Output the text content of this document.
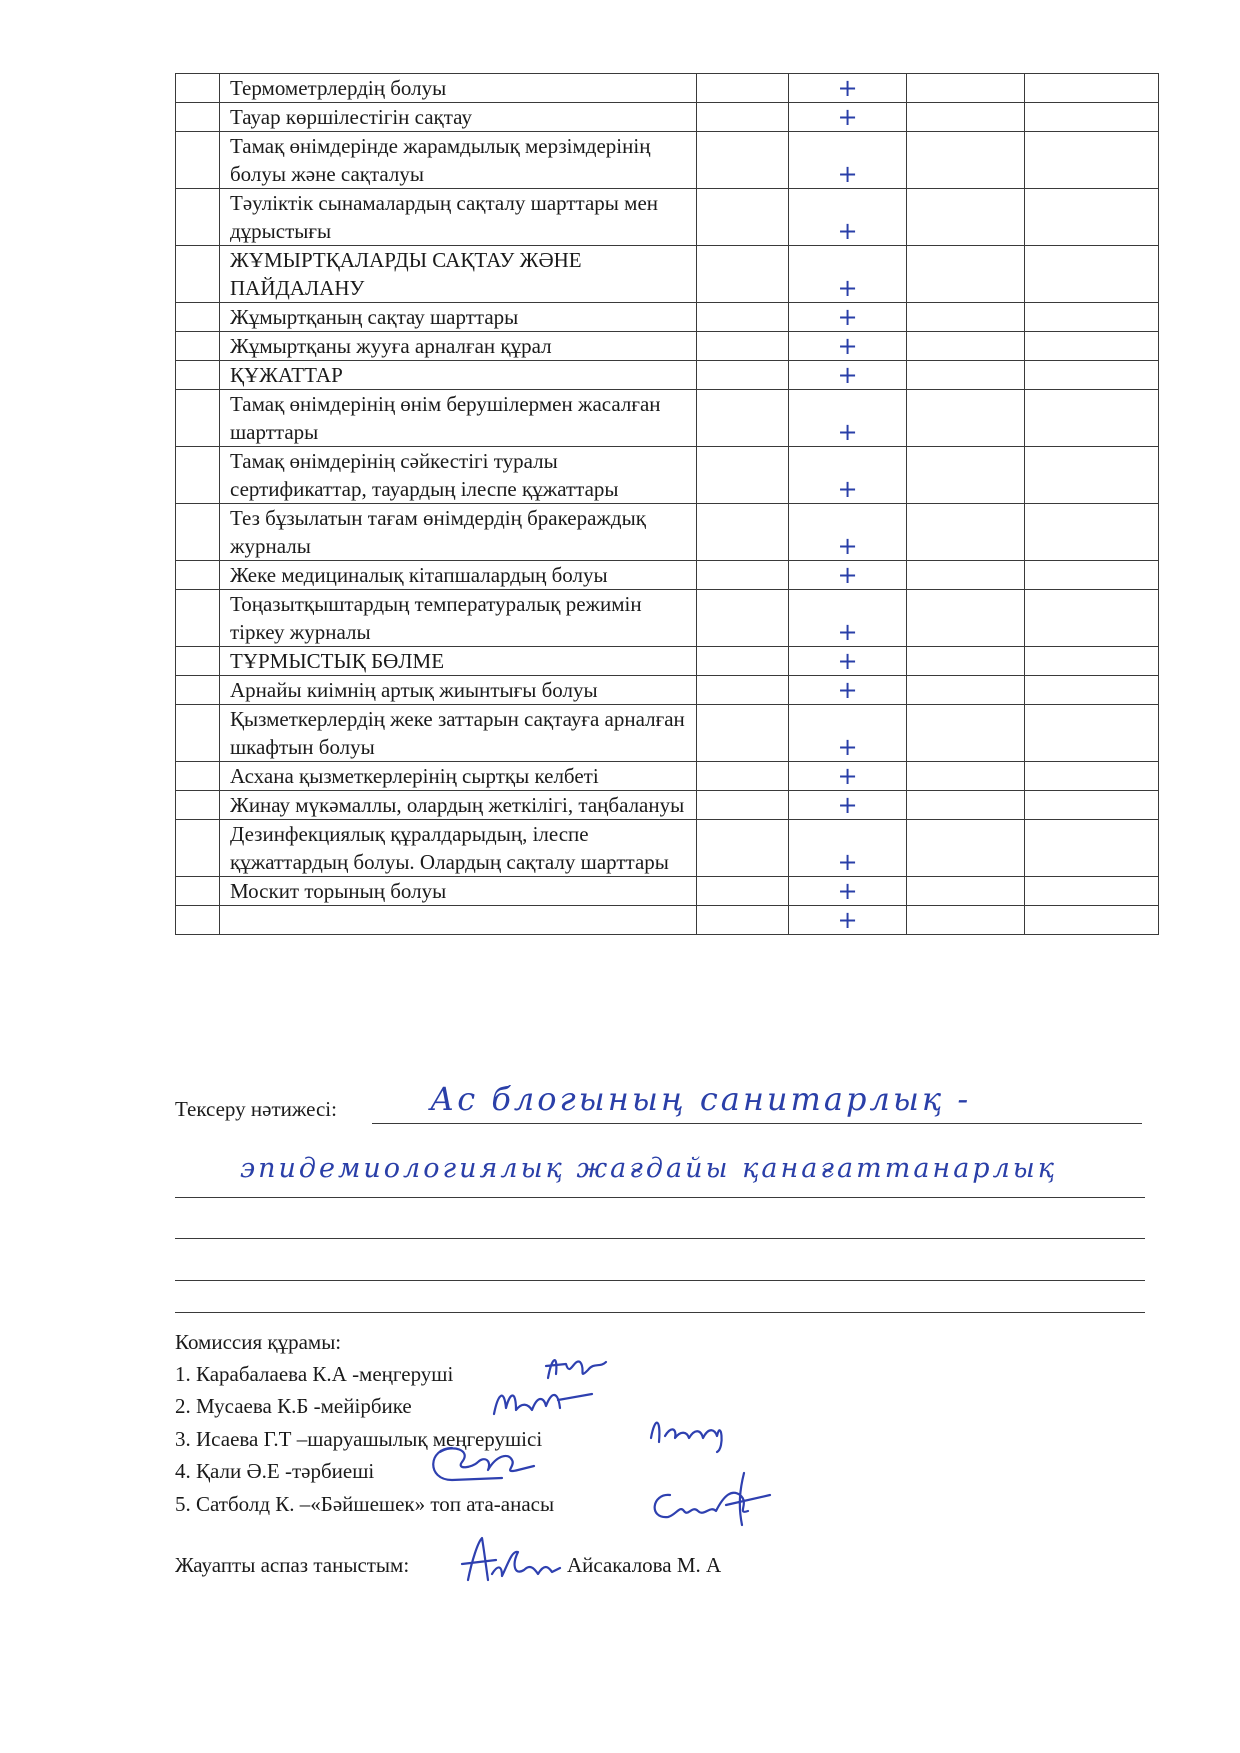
	Термометрлердің болуы		+		
	Тауар көршілестігін сақтау		+		
	Тамақ өнімдерінде жарамдылық мерзімдерінің болуы және сақталуы		+		
	Тәуліктік сынамалардың сақталу шарттары мен дұрыстығы		+		
	ЖҰМЫРТҚАЛАРДЫ САҚТАУ ЖӘНЕ ПАЙДАЛАНУ		+		
	Жұмыртқаның сақтау шарттары		+		
	Жұмыртқаны жууға арналған құрал		+		
	ҚҰЖАТТАР		+		
	Тамақ өнімдерінің өнім берушілермен жасалған шарттары		+		
	Тамақ өнімдерінің сәйкестігі туралы сертификаттар, тауардың ілеспе құжаттары		+		
	Тез бұзылатын тағам өнімдердің бракераждық журналы		+		
	Жеке медициналық кітапшалардың болуы		+		
	Тоңазытқыштардың температуралық режимін тіркеу журналы		+		
	ТҰРМЫСТЫҚ БӨЛМЕ		+		
	Арнайы киімнің артық жиынтығы болуы		+		
	Қызметкерлердің жеке заттарын сақтауға арналған шкафтын болуы		+		
	Асхана қызметкерлерінің сыртқы келбеті		+		
	Жинау мүкәмаллы, олардың жеткілігі, таңбалануы		+		
	Дезинфекциялық құралдарыдың, ілеспе құжаттардың болуы. Олардың сақталу шарттары		+		
	Москит торының болуы		+		
			+		
Тексеру нәтижесі:	Ас блогының санитарлық -
эпидемиологиялық жағдайы қанағаттанарлық
Комиссия құрамы:
1. Карабалаева К.А -меңгеруші
2. Мусаева К.Б -мейірбике
3. Исаева Г.Т –шаруашылық меңгерушісі
4. Қали Ә.Е -тәрбиеші
5. Сатболд К. –«Бәйшешек» топ ата-анасы
Жауапты аспаз таныстым:	Айсакалова М. А
